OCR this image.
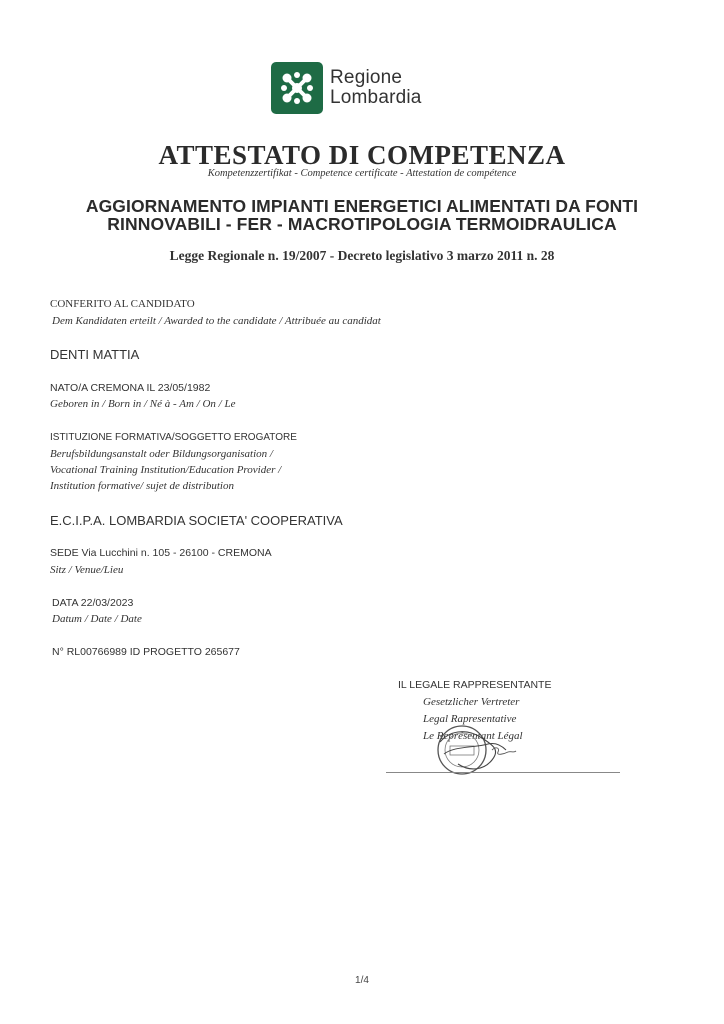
Regione
Lombardia
ATTESTATO DI COMPETENZA
Kompetenzzertifikat - Competence certificate - Attestation de compétence
AGGIORNAMENTO IMPIANTI ENERGETICI ALIMENTATI DA FONTI
RINNOVABILI - FER - MACROTIPOLOGIA TERMOIDRAULICA
Legge Regionale n. 19/2007 - Decreto legislativo 3 marzo 2011 n. 28
CONFERITO AL CANDIDATO
Dem Kandidaten erteilt / Awarded to the candidate / Attribuée au candidat
DENTI MATTIA
NATO/A CREMONA IL 23/05/1982
Geboren in / Born in / Né à - Am / On / Le
ISTITUZIONE FORMATIVA/SOGGETTO EROGATORE
Berufsbildungsanstalt oder Bildungsorganisation /
Vocational Training Institution/Education Provider /
Institution formative/ sujet de distribution
E.C.I.P.A. LOMBARDIA SOCIETA' COOPERATIVA
SEDE Via Lucchini n. 105 - 26100 - CREMONA
Sitz / Venue/Lieu
DATA 22/03/2023
Datum / Date / Date
N° RL00766989 ID PROGETTO 265677
IL LEGALE RAPPRESENTANTE
Gesetzlicher Vertreter
Legal Rapresentative
Le Représentant Légal
1/4
